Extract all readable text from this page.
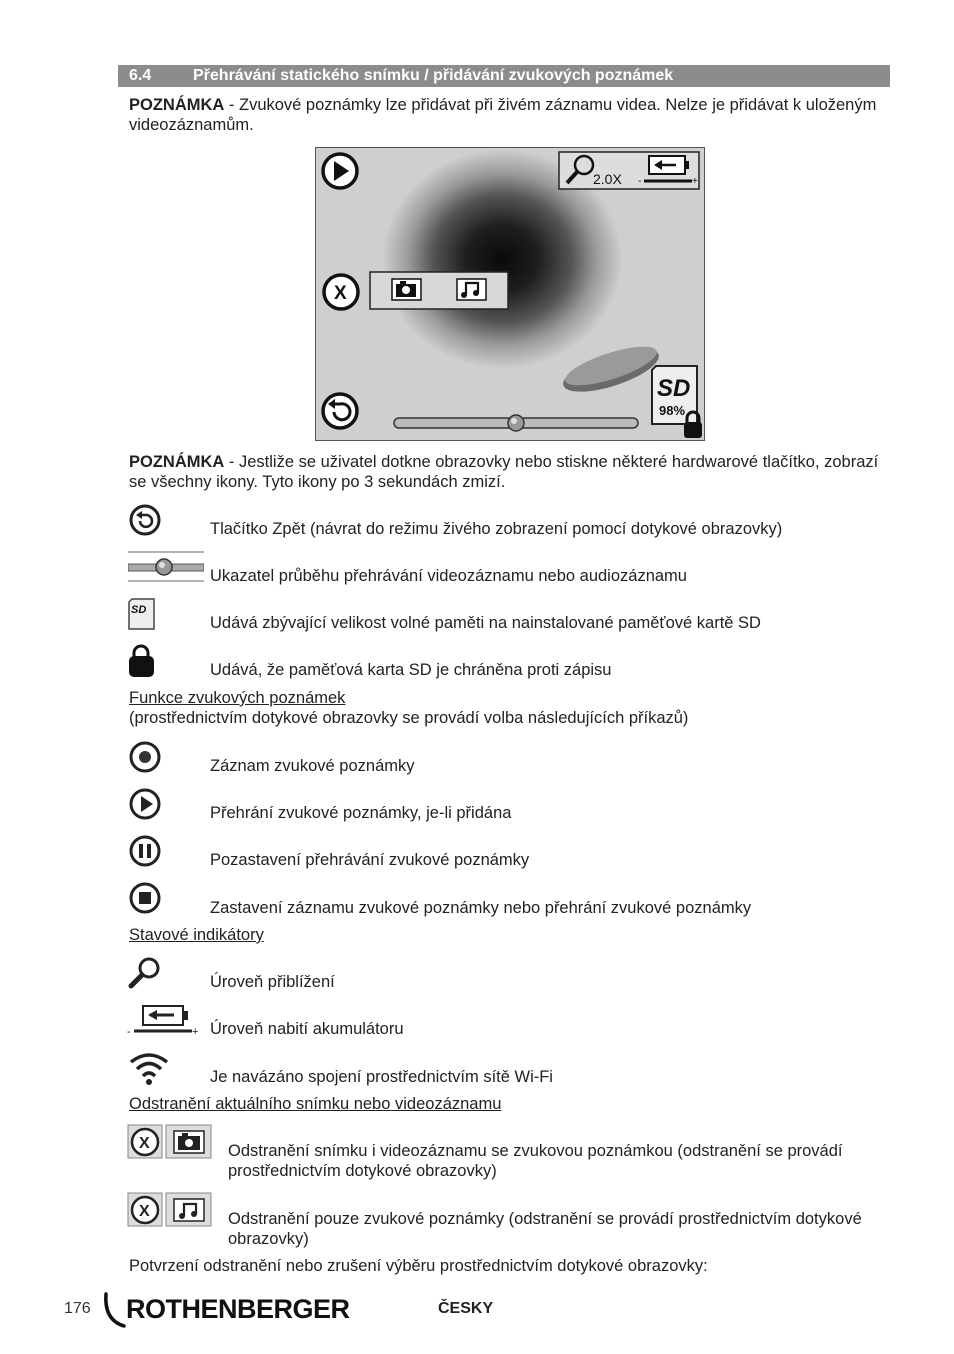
6.4	Přehrávání statického snímku / přidávání zvukových poznámek
POZNÁMKA - Zvukové poznámky lze přidávat při živém záznamu videa. Nelze je přidávat k uloženým videozáznamům.
-	+
2.0X
X
SD
98%
POZNÁMKA - Jestliže se uživatel dotkne obrazovky nebo stiskne některé hardwarové tlačítko, zobrazí se všechny ikony. Tyto ikony po 3 sekundách zmizí.
Tlačítko Zpět (návrat do režimu živého zobrazení pomocí dotykové obrazovky)
Ukazatel průběhu přehrávání videozáznamu nebo audiozáznamu
SD
Udává zbývající velikost volné paměti na nainstalované paměťové kartě SD
Udává, že paměťová karta SD je chráněna proti zápisu
Funkce zvukových poznámek
(prostřednictvím dotykové obrazovky se provádí volba následujících příkazů)
Záznam zvukové poznámky
Přehrání zvukové poznámky, je-li přidána
Pozastavení přehrávání zvukové poznámky
Zastavení záznamu zvukové poznámky nebo přehrání zvukové poznámky
Stavové indikátory
Úroveň přiblížení
-	+ Úroveň nabití akumulátoru
Je navázáno spojení prostřednictvím sítě Wi-Fi
Odstranění aktuálního snímku nebo videozáznamu
X	Odstranění snímku i videozáznamu se zvukovou poznámkou (odstranění se provádí prostřednictvím dotykové obrazovky)
X	Odstranění pouze zvukové poznámky (odstranění se provádí prostřednictvím dotykové obrazovky)
Potvrzení odstranění nebo zrušení výběru prostřednictvím dotykové obrazovky:
176 ROTHENBERGER	ČESKY
